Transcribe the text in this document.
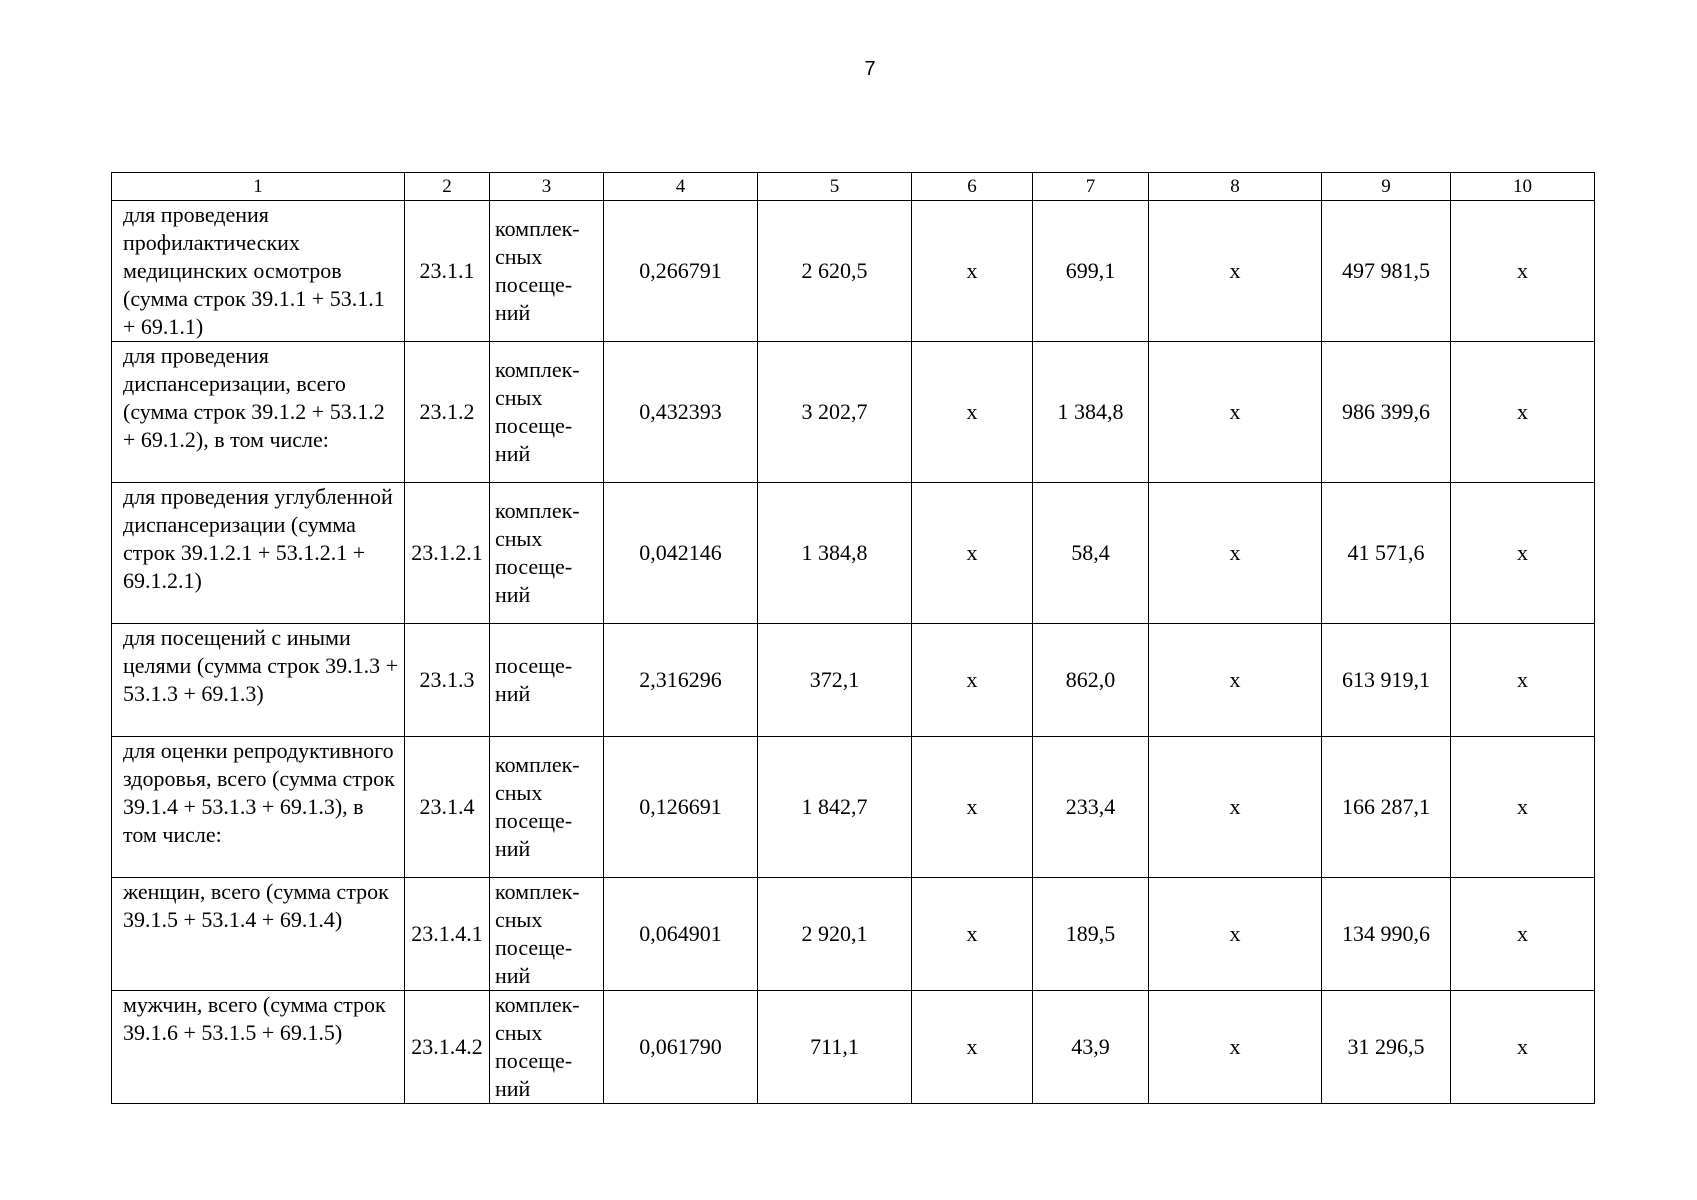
7
1	2	3	4	5	6	7	8	9	10
для проведения профилактических медицинских осмотров (сумма строк 39.1.1 + 53.1.1 + 69.1.1)	23.1.1	комплек-сных посеще-ний	0,266791	2 620,5	х	699,1	х	497 981,5	х
для проведения диспансеризации, всего (сумма строк 39.1.2 + 53.1.2 + 69.1.2), в том числе:	23.1.2	комплек-сных посеще-ний	0,432393	3 202,7	х	1 384,8	х	986 399,6	х
для проведения углубленной диспансеризации (сумма строк 39.1.2.1 + 53.1.2.1 + 69.1.2.1)	23.1.2.1	комплек-сных посеще-ний	0,042146	1 384,8	х	58,4	х	41 571,6	х
для посещений с иными целями (сумма строк 39.1.3 + 53.1.3 + 69.1.3)	23.1.3	посеще-ний	2,316296	372,1	х	862,0	х	613 919,1	х
для оценки репродуктивного здоровья, всего (сумма строк 39.1.4 + 53.1.3 + 69.1.3), в том числе:	23.1.4	комплек-сных посеще-ний	0,126691	1 842,7	х	233,4	х	166 287,1	х
женщин, всего (сумма строк 39.1.5 + 53.1.4 + 69.1.4)	23.1.4.1	комплек-сных посеще-ний	0,064901	2 920,1	х	189,5	х	134 990,6	х
мужчин, всего (сумма строк 39.1.6 + 53.1.5 + 69.1.5)	23.1.4.2	комплек-сных посеще-ний	0,061790	711,1	х	43,9	х	31 296,5	х
